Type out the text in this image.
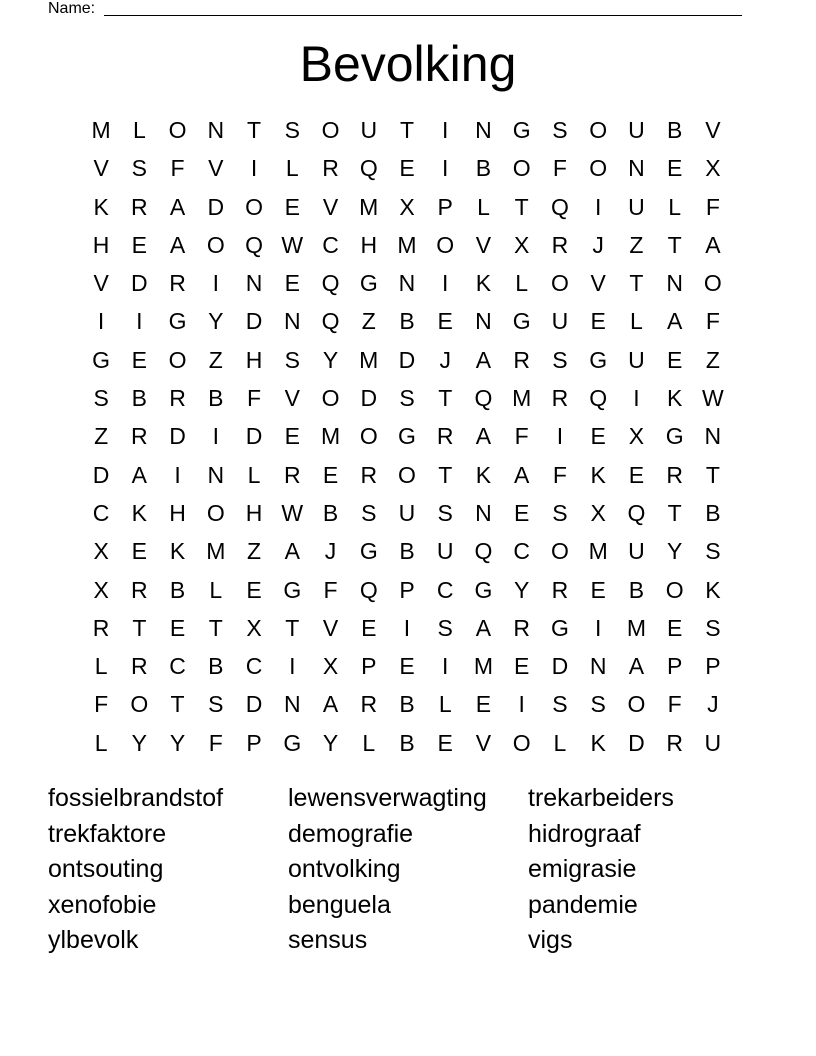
Name:
Bevolking
M L O N T	S O U T	I	N G S O U B V
V S	F	V	I	L	R Q E	I	B O F O N E X
K R A D O E V M X P	L	T Q	I	U	L	F
H E A O Q W C H M O V X R	J	Z	T	A
V D R	I	N E Q G N	I	K	L O V	T N O
I	I	G Y D N Q Z	B E N G U E	L	A	F
G E O Z H S Y M D	J	A R S G U E	Z
S B R B	F	V O D S	T Q M R Q	I	K W
Z R D	I	D E M O G R A	F	I	E X G N
D A	I	N	L	R E R O T	K A	F	K E R T
C K H O H W B S U S N E S X Q T	B
X E K M Z	A	J	G B U Q C O M U Y S
X R B	L	E G F Q P C G Y R E B O K
R T	E	T	X	T	V E	I	S A R G	I	M E S
L	R C B C	I	X P E	I	M E D N A P P
F O T	S D N A R B	L	E	I	S S O F	J
L	Y Y	F	P G Y	L	B E V O L	K D R U
fossielbrandstof	lewensverwagting trekarbeiders
trekfaktore	demografie	hidrograaf
ontsouting	ontvolking	emigrasie
xenofobie	benguela	pandemie
ylbevolk	sensus	vigs
